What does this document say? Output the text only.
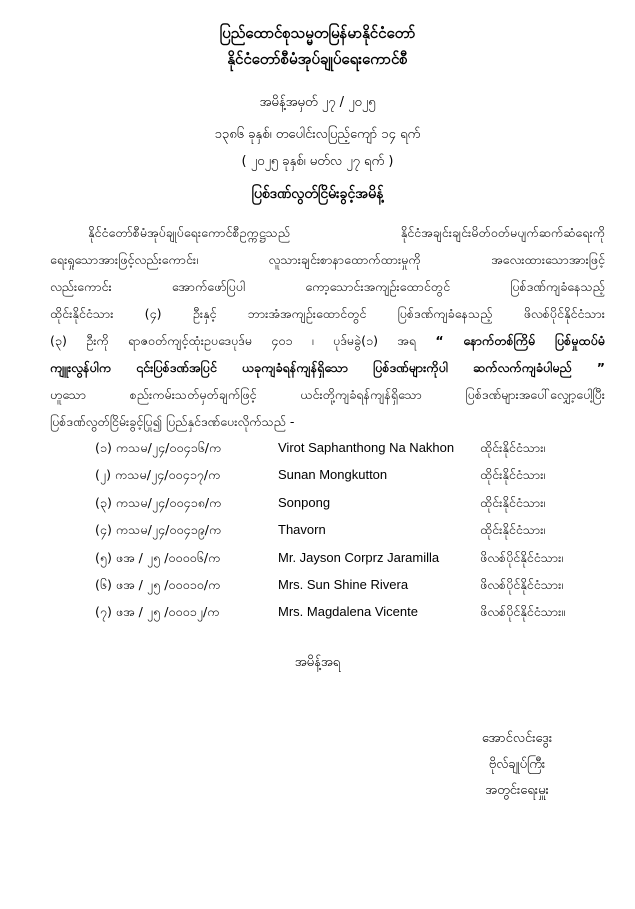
ပြည်ထောင်စုသမ္မတမြန်မာနိုင်ငံတော်
နိုင်ငံတော်စီမံအုပ်ချုပ်ရေးကောင်စီ
အမိန့်အမှတ် ၂၇ / ၂၀၂၅
၁၃၈၆ ခုနှစ်၊ တပေါင်းလပြည့်ကျော် ၁၄ ရက်
( ၂၀၂၅ ခုနှစ်၊ မတ်လ ၂၇ ရက် )
ပြစ်ဒဏ်လွတ်ငြိမ်းခွင့်အမိန့်
နိုင်ငံတော်စီမံအုပ်ချုပ်ရေးကောင်စီဥက္ကဋ္ဌသည် နိုင်ငံအချင်းချင်းမိတ်ဝတ်မပျက်ဆက်ဆံရေးကို
ရေးရှုသောအားဖြင့်လည်းကောင်း၊ လူသားချင်းစာနာထောက်ထားမှုကို အလေးထားသောအားဖြင့်
လည်းကောင်း အောက်ဖော်ပြပါ ကော့သောင်းအကျဉ်းထောင်တွင် ပြစ်ဒဏ်ကျခံနေသည့်
ထိုင်းနိုင်ငံသား (၄) ဦးနှင့် ဘားအံအကျဉ်းထောင်တွင် ပြစ်ဒဏ်ကျခံနေသည့် ဖိလစ်ပိုင်နိုင်ငံသား
(၃) ဦးကို ရာဇဝတ်ကျင့်ထုံးဥပဒေပုဒ်မ ၄၀၁ ၊ ပုဒ်မခွဲ(၁) အရ “ နောက်တစ်ကြိမ် ပြစ်မှုထပ်မံ
ကျူးလွန်ပါက ၎င်းပြစ်ဒဏ်အပြင် ယခုကျခံရန်ကျန်ရှိသော ပြစ်ဒဏ်များကိုပါ ဆက်လက်ကျခံပါမည် ”
ဟူသော စည်းကမ်းသတ်မှတ်ချက်ဖြင့် ယင်းတို့ကျခံရန်ကျန်ရှိသော ပြစ်ဒဏ်များအပေါ်လျှော့ပေါ့ပြီး
ပြစ်ဒဏ်လွတ်ငြိမ်းခွင့်ပြု၍ ပြည်နှင်ဒဏ်ပေးလိုက်သည် -
(၁) ကသမ/၂၄/၀၀၄၁၆/က	Virot Saphanthong Na Nakhon ထိုင်းနိုင်ငံသား၊
(၂) ကသမ/၂၄/၀၀၄၁၇/က	Sunan Mongkutton	ထိုင်းနိုင်ငံသား၊
(၃) ကသမ/၂၄/၀၀၄၁၈/က	Sonpong	ထိုင်းနိုင်ငံသား၊
(၄) ကသမ/၂၄/၀၀၄၁၉/က	Thavorn	ထိုင်းနိုင်ငံသား၊
(၅) ဖအ / ၂၅ /၀၀၀၀၆/က	Mr. Jayson Corprz Jaramilla	ဖိလစ်ပိုင်နိုင်ငံသား၊
(၆) ဖအ / ၂၅ /၀၀၀၁၀/က	Mrs. Sun Shine Rivera	ဖိလစ်ပိုင်နိုင်ငံသား၊
(၇) ဖအ / ၂၅ /၀၀၀၁၂/က	Mrs. Magdalena Vicente	ဖိလစ်ပိုင်နိုင်ငံသား။
အမိန့်အရ
အောင်လင်းဒွေး
ဗိုလ်ချုပ်ကြီး
အတွင်းရေးမှူး
